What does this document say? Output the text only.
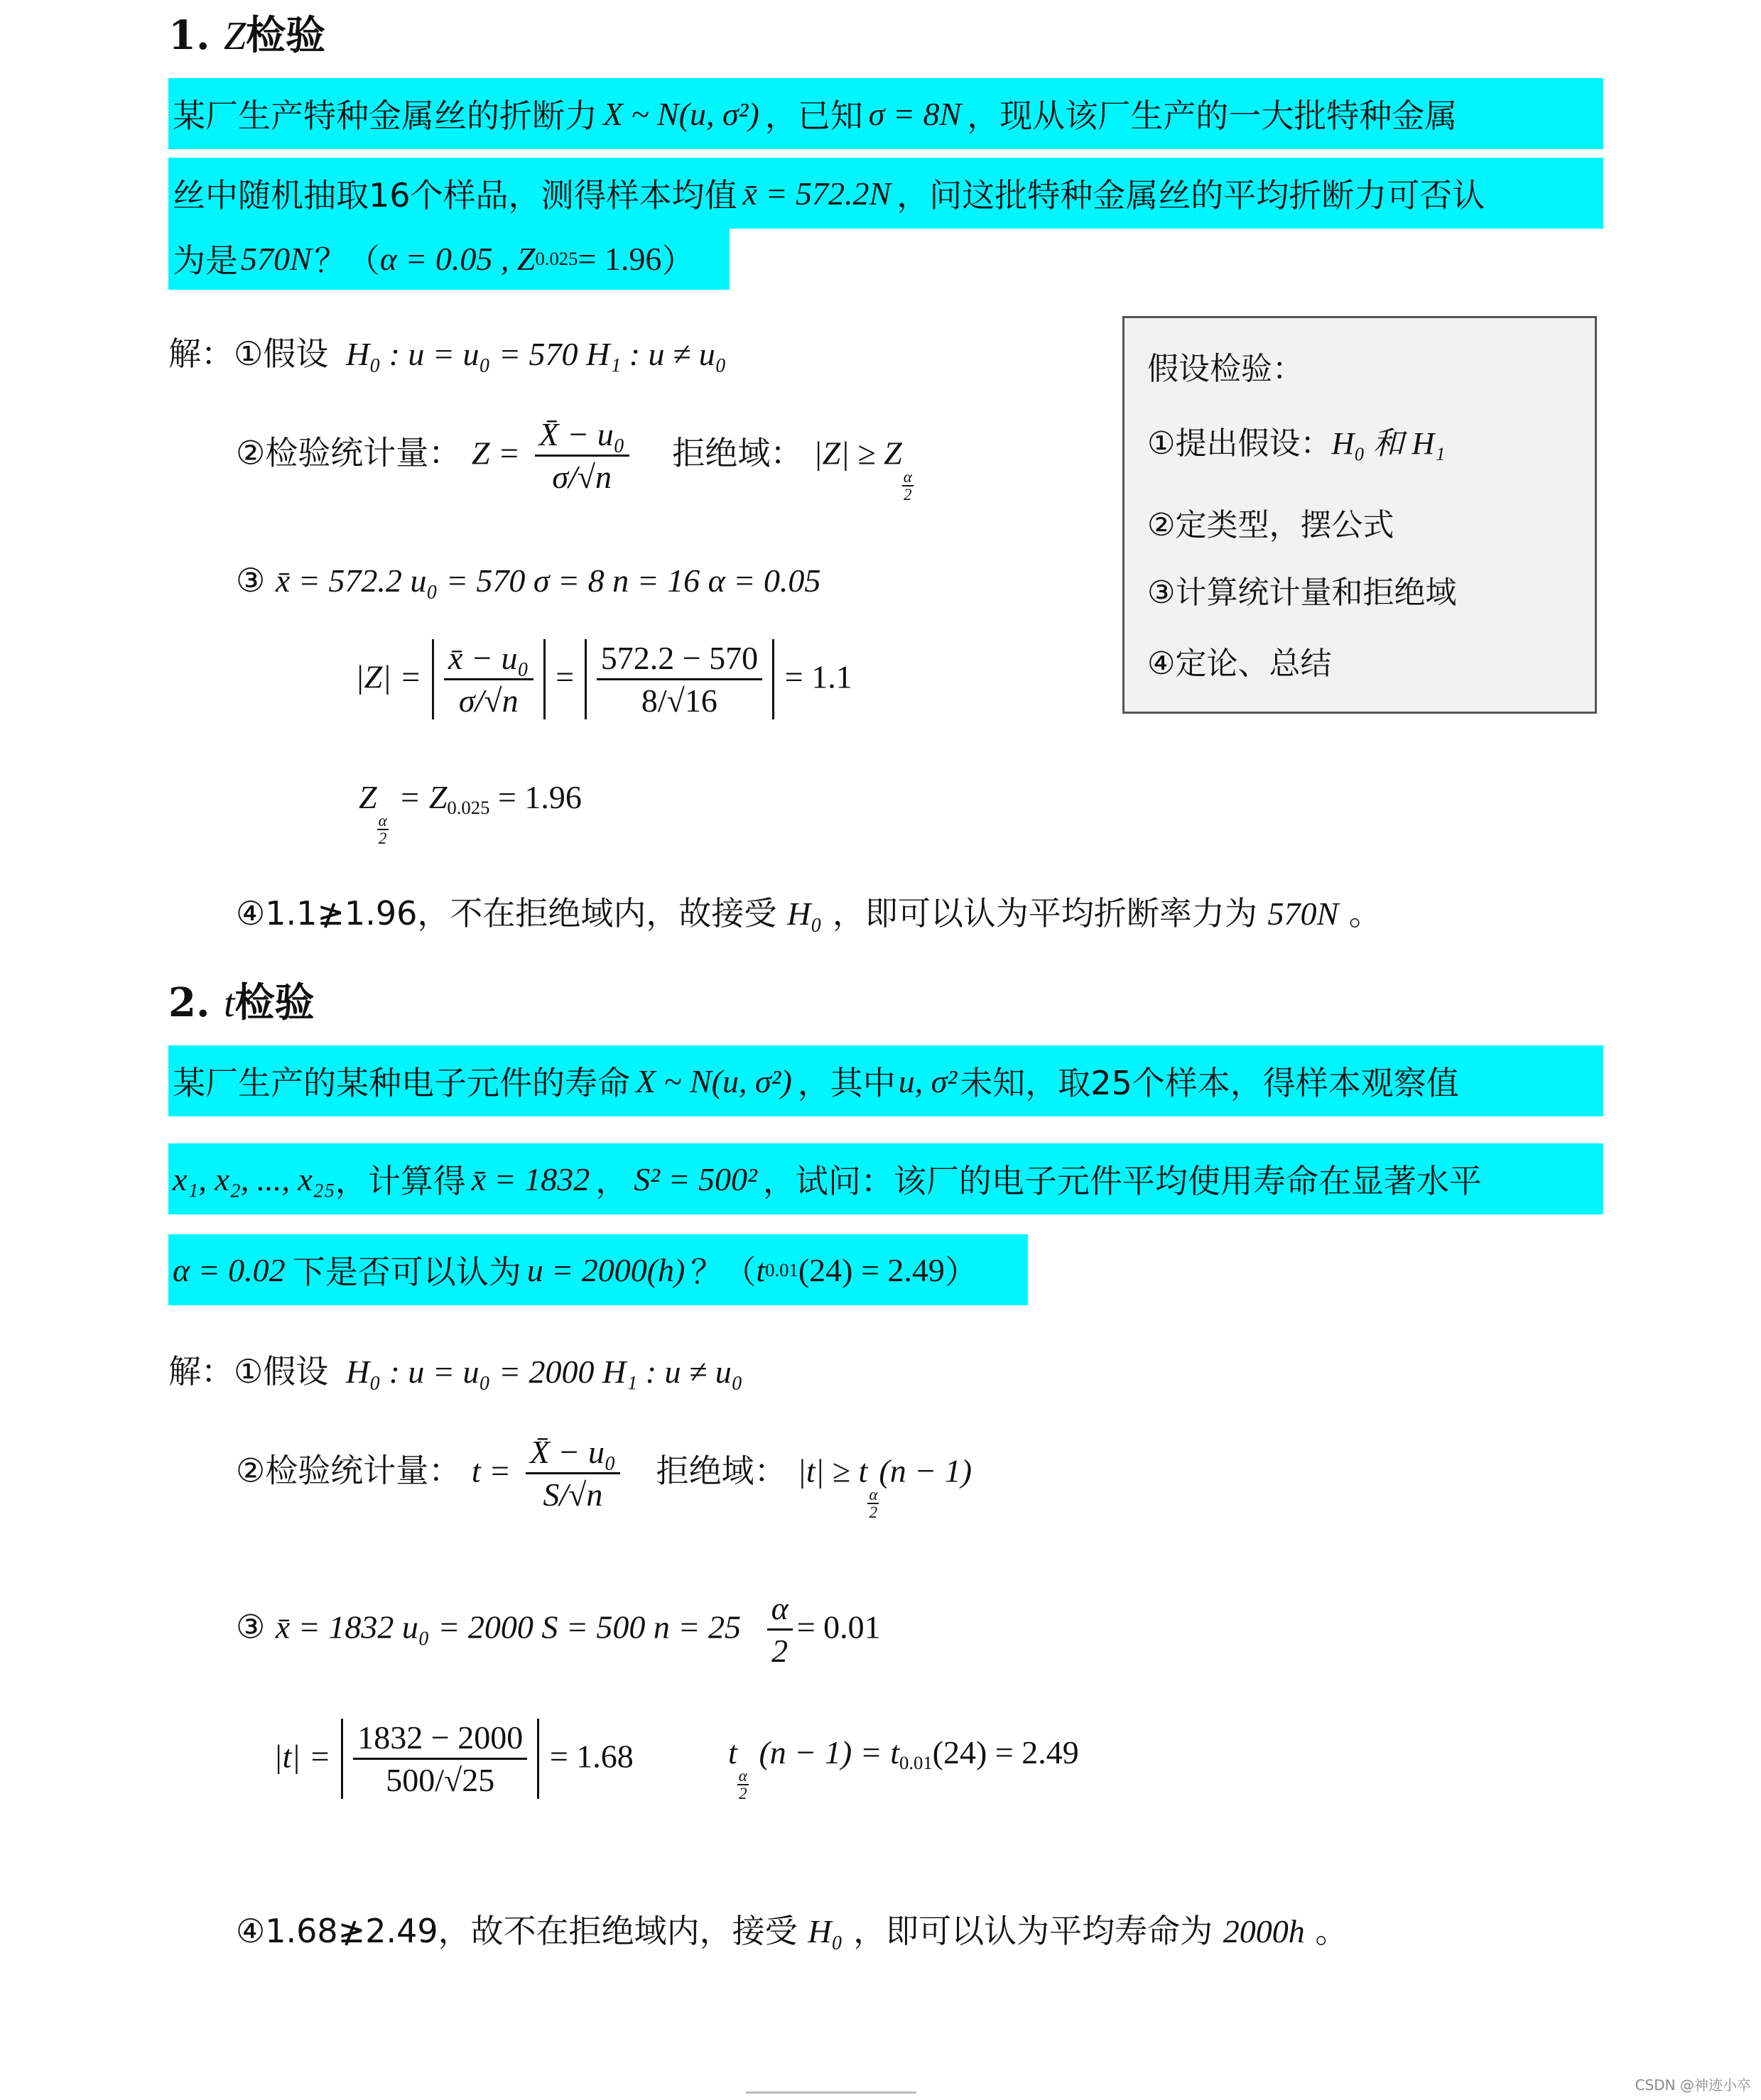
1. Z检验
某厂生产特种金属丝的折断力 X ~ N(u, σ²) ，已知 σ = 8N ，现从该厂生产的一大批特种金属
丝中随机抽取16个样品，测得样本均值 x̄ = 572.2N ，问这批特种金属丝的平均折断力可否认
为是 570N ？（ α = 0.05 , Z 0.025 = 1.96 ）
解：①假设 H₀ : u = u₀ = 570 H₁ : u ≠ u₀
②检验统计量： $Z = \frac{\text{X̄ − u₀}}{\sigma/√n}$ 拒绝域： |Z| ≥ Z
$\frac{\alpha}{2}$
③ x̄ = 572.2 u₀ = 570 σ = 8 n = 16 α = 0.05
$|Z| = \frac{\text{x̄ − u₀}}{\sigma/√n} = \frac{572.2 - 570}{8/√16} = 1.1$
Z
$\frac{\alpha}{2}$
= $Z_{0.025} = 1.96$
④1.1≱1.96，不在拒绝域内，故接受 H₀ ，即可以认为平均折断率力为 570N 。
假设检验：
①提出假设：H₀ 和 H₁
②定类型，摆公式
③计算统计量和拒绝域
④定论、总结
2. t检验
某厂生产的某种电子元件的寿命 X ~ N(u, σ²) ，其中 u, σ² 未知，取25个样本，得样本观察值
x₁, x₂, ..., x₂₅ ，计算得 x̄ = 1832 ， S² = 500² ，试问：该厂的电子元件平均使用寿命在显著水平
α = 0.02 下是否可以认为 u = 2000(h) ？（ t 0.01 (24) = 2.49 ）
解：①假设 H₀ : u = u₀ = 2000 H₁ : u ≠ u₀
②检验统计量： $t = \frac{\text{X̄ − u₀}}{S/√n}$ 拒绝域： |t| ≥ t
$\frac{\alpha}{2}$
(n − 1)
③ x̄ = 1832 u₀ = 2000 S = 500 $n = 25 \frac{\alpha}{2} = 0.01$
$|t| = \frac{1832 - 2000}{500/√25} = 1.68$	t
$\frac{\alpha}{2}$
$(n - 1) = t_{0.01}(24) = 2.49$
④1.68≱2.49，故不在拒绝域内，接受 H₀ ，即可以认为平均寿命为 2000h 。
CSDN @神迹小卒
